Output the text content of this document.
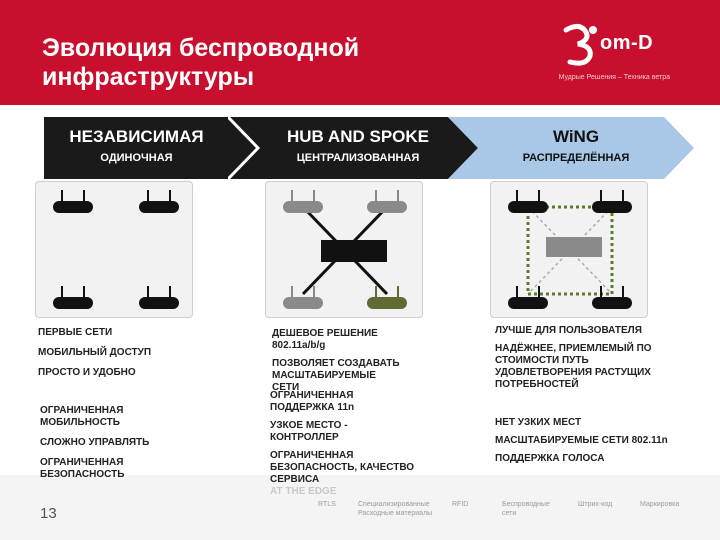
Эволюция беспроводной
инфраструктуры
om-D
Мудрые Решения – Техника ветра
НЕЗАВИСИМАЯ
ОДИНОЧНАЯ
HUB AND SPOKE
ЦЕНТРАЛИЗОВАННАЯ
WiNG
РАСПРЕДЕЛЁННАЯ
13
RTLS	Специализированные Расходные материалы
RFID	Беспроводные сети
Штрих-код	Маркировка

ПЕРВЫЕ СЕТИ

МОБИЛЬНЫЙ ДОСТУП

ПРОСТО И УДОБНО

ОГРАНИЧЕННАЯ МОБИЛЬНОСТЬ

СЛОЖНО УПРАВЛЯТЬ

ОГРАНИЧЕННАЯ БЕЗОПАСНОСТЬ

ДЕШЕВОЕ РЕШЕНИЕ 802.11a/b/g

ПОЗВОЛЯЕТ СОЗДАВАТЬ МАСШТАБИРУЕМЫЕ СЕТИ

ОГРАНИЧЕННАЯ ПОДДЕРЖКА 11n

УЗКОЕ МЕСТО - КОНТРОЛЛЕР

ОГРАНИЧЕННАЯ БЕЗОПАСНОСТЬ, КАЧЕСТВО СЕРВИСА

AT THE EDGE

ЛУЧШЕ ДЛЯ ПОЛЬЗОВАТЕЛЯ

НАДЁЖНЕЕ, ПРИЕМЛЕМЫЙ ПО СТОИМОСТИ ПУТЬ УДОВЛЕТВОРЕНИЯ РАСТУЩИХ ПОТРЕБНОСТЕЙ

НЕТ УЗКИХ МЕСТ

МАСШТАБИРУЕМЫЕ СЕТИ 802.11n

ПОДДЕРЖКА ГОЛОСА
